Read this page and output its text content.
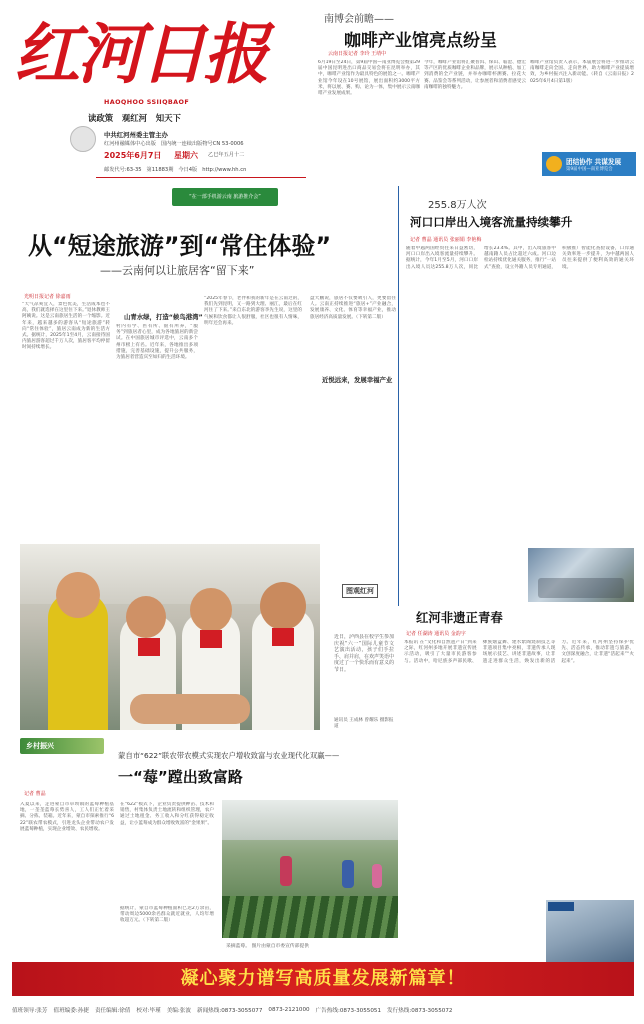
红河日报
HAOQHOO SSIIQBAOF
读政策 观红河 知天下
中共红河州委主管主办
红河州融媒体中心出版 国内统一连续出版物号CN 53-0006
2025年6月7日 星期六 乙巳年五月十二
邮发代号:63-35 第11883期 今日4版 http://www.hh.cn
南博会前瞻——
咖啡产业馆亮点纷呈
云南日报记者 李玲 王靖中
6月19日至24日，第9届中国—南亚博览会暨第29届中国昆明进出口商品交易会将在昆明举办，其中，咖啡产业馆作为最具特色的展馆之一。咖啡产业馆今年设在10号展馆，展出面积约3000平方米，将以展、赛、购、论为一体，集中展示云南咖啡产业发展成果。
今年，咖啡产业馆将汇聚普洱、保山、临沧、德宏等产区的优质咖啡企业和品牌，展示从种植、加工到消费的全产业链，并举办咖啡杯测赛、拉花大赛、品鉴会等系列活动，让参展者和消费者感受云南咖啡的独特魅力。
咖啡产业馆负责人表示，本届展会将进一步推动云南咖啡走向全国、走向世界，助力咖啡产业提质增效，为乡村振兴注入新动能。（转自《云南日报》2025年6月4日第1版）
团结协作 共谋发展
第9届中国—南亚博览会
“在一部手机游云南 旅游推介会”
从“短途旅游”到“常住体验”
——云南何以让旅居客“留下来”
光明日报记者 徐嘉雨
“天气凉爽宜人，景色优美，生活成本也不高，我们就选择在这里住下来。”退休教师王阿姨说。这是云南旅居生活的一个缩影。近年来，越来越多的游客从“短途旅游”转向“常住体验”，旅居云南成为新的生活方式。据统计，2025年1至4月，云南接待国内旅居游客超过千万人次，旅居客平均停留时间持续增长。
山青水绿，打造“候鸟港湾”
村内有学、医有所、银有所养，“服务”到旅居者心里，成为各地旅居的新尝试。在中国旅居城市评选中，云南多个州市榜上有名。近年来，各地推出多项措施，完善基础设施，提升公共服务，为旅居者营造宾至如归的生活环境。
“2025年春节，老伴和我的新年是在云南过的，我们先到昆明，又一路到大理、丽江，最后在红河住了下来。”来自东北的游客李先生说，这里的气候和饮食都让人很舒服，社区也很有人情味，明年还会再来。
近悦远来，发展幸福产业
盘大鹏说，旅居不仅要吸引人，更要留住人。云南正持续推进“旅居+”产业融合，发展康养、文化、体育等幸福产业，推动旅居经济高质量发展。（下转第二版）
255.8万人次
河口口岸出入境客流量持续攀升
记者 曹晶 通讯员 张丽娟 李艳梅
随着中越两国经贸往来日益密切，河口口岸出入境客流量持续攀升。据统计，今年1月至5月，河口口岸出入境人员达255.8万人次，同比增长23.4%。其中，出入境旅客中越南籍人员占比超过六成。河口边检站持续优化通关服务，推行“一站式”查验，设立外籍人员专用通道，积极推广智能化查验设备，口岸通关效率进一步提升，为中越两国人员往来提供了便利高效的通关环境。
图观红河
近日，泸西县在校学生参加庆祝“六一”国际儿童节文艺演出活动，孩子们手拉手、肩并肩，在欢声笑语中度过了一个快乐而有意义的节日。
通讯员 王成林 曾耀乐 摄影报道
红河非遗正青春
记者 任湖涛 通讯员 金韵宇
本报讯 在“文化和自然遗产日”到来之际，红河州多地开展非遗宣传展示活动，吸引了大量市民游客参与。活动中，哈尼族多声部民歌、彝族烟盒舞、建水紫陶烧制技艺等非遗项目集中亮相，非遗传承人现场展示技艺、讲述非遗故事，让非遗走进群众生活，焕发出新的活力。近年来，红河州坚持保护优先、活态传承，推动非遗与旅游、文创深度融合，让非遗“活起来”“火起来”。
乡村振兴
蒙自市“622”联农带农模式实现农户增收致富与农业现代化双赢——
一“莓”蹚出致富路
记者 曹晶
入夏以来，走进蒙自市草坝镇的蓝莓种植基地，一垄垄蓝莓长势喜人，工人们正忙着采摘、分拣、装箱。近年来，蒙自市探索推行“622”联农带农模式，引进龙头企业带动农户发展蓝莓种植，实现企业增效、农民增收。
在“622”模式下，企业负责提供种苗、技术和销售，村集体负责土地流转和组织管理，农户通过土地租金、务工收入和分红获得稳定收益，让小蓝莓成为群众增收致富的“金果果”。
据统计，蒙自市蓝莓种植面积已达2万余亩，带动周边5000余名群众就近就业，人均年增收超万元。（下转第二版）
采摘蓝莓。 图片由蒙自市委宣传部提供
凝心聚力谱写高质量发展新篇章！
值班领导:张芳 值班编委:孙捷 责任编辑:徐倩 校对:毕瑾 美编:张波 新闻热线:0873-3055077 0873-2121000 广告热线:0873-3055051 发行热线:0873-3055072
